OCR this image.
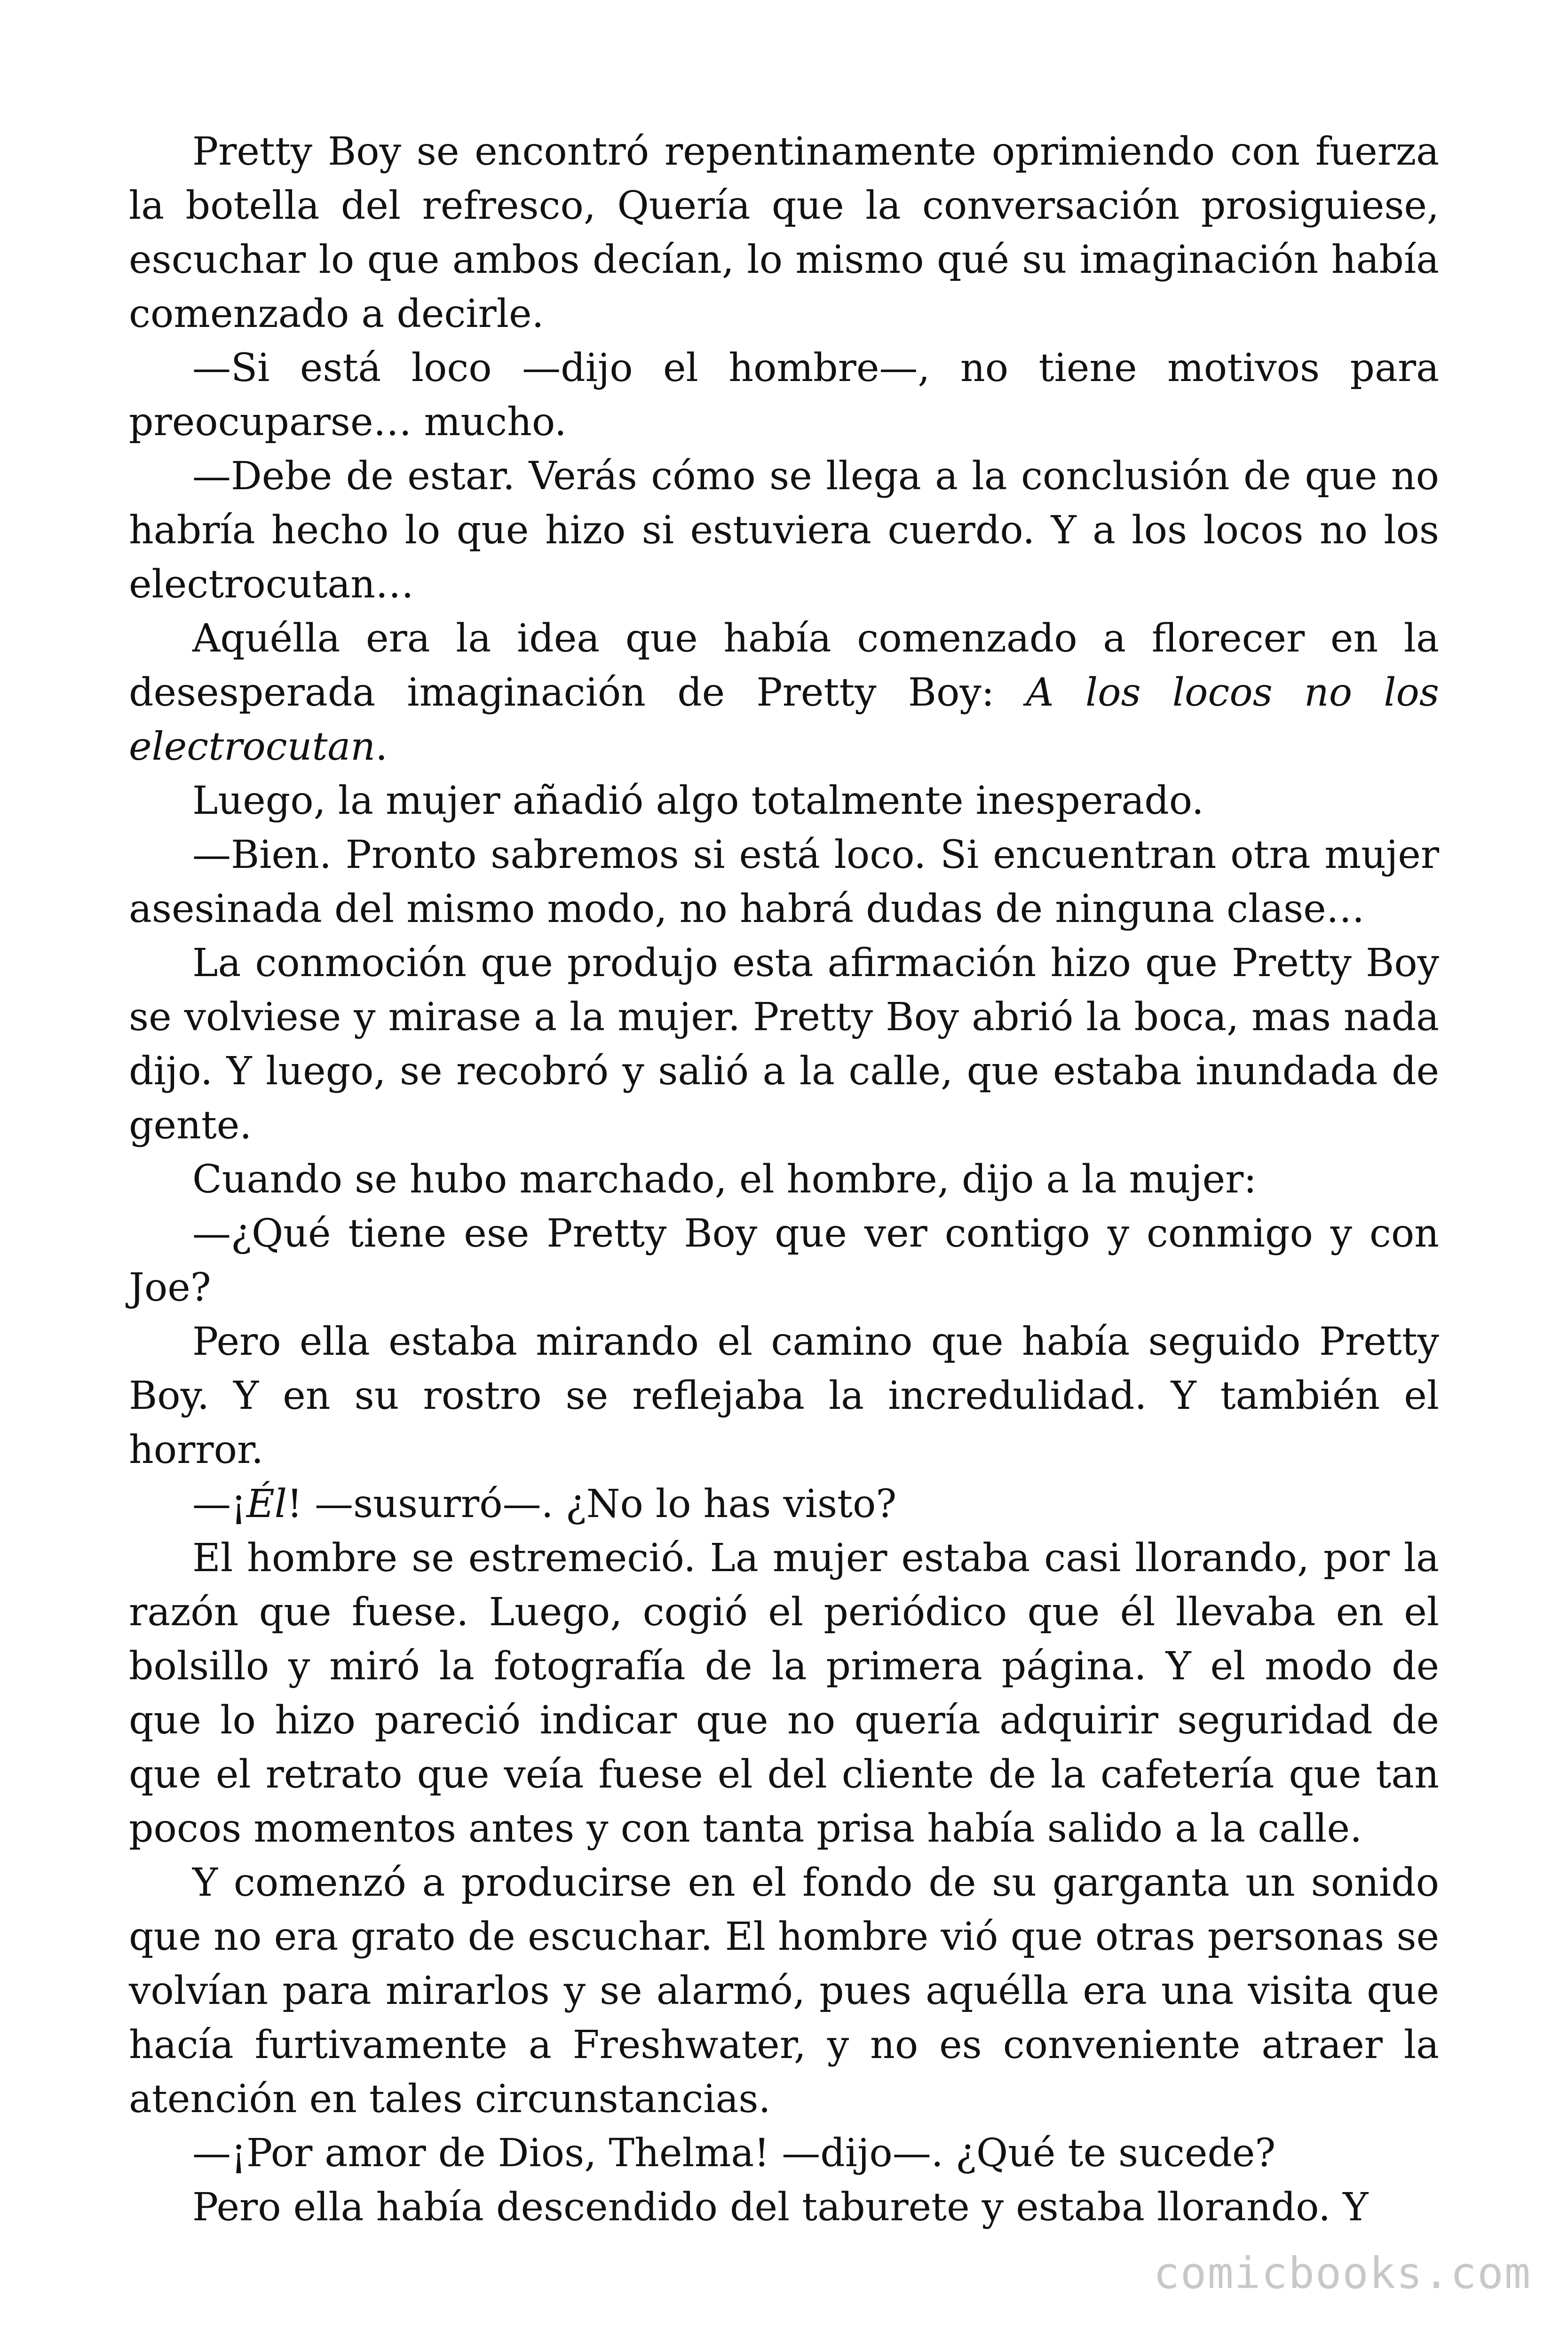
Pretty Boy se encontró repentinamente oprimiendo con fuerza la botella del refresco, Quería que la conversación prosiguiese, escuchar lo que ambos decían, lo mismo qué su imaginación había comenzado a decirle.

—Si está loco —dijo el hombre—, no tiene motivos para preocuparse… mucho.

—Debe de estar. Verás cómo se llega a la conclusión de que no habría hecho lo que hizo si estuviera cuerdo. Y a los locos no los electrocutan…

Aquélla era la idea que había comenzado a florecer en la desesperada imaginación de Pretty Boy: A los locos no los electrocutan.

Luego, la mujer añadió algo totalmente inesperado.

—Bien. Pronto sabremos si está loco. Si encuentran otra mujer asesinada del mismo modo, no habrá dudas de ninguna clase…

La conmoción que produjo esta afirmación hizo que Pretty Boy se volviese y mirase a la mujer. Pretty Boy abrió la boca, mas nada dijo. Y luego, se recobró y salió a la calle, que estaba inundada de gente.

Cuando se hubo marchado, el hombre, dijo a la mujer:

—¿Qué tiene ese Pretty Boy que ver contigo y conmigo y con Joe?

Pero ella estaba mirando el camino que había seguido Pretty Boy. Y en su rostro se reflejaba la incredulidad. Y también el horror.

—¡Él! —susurró—. ¿No lo has visto?

El hombre se estremeció. La mujer estaba casi llorando, por la razón que fuese. Luego, cogió el periódico que él llevaba en el bolsillo y miró la fotografía de la primera página. Y el modo de que lo hizo pareció indicar que no quería adquirir seguridad de que el retrato que veía fuese el del cliente de la cafetería que tan pocos momentos antes y con tanta prisa había salido a la calle.

Y comenzó a producirse en el fondo de su garganta un sonido que no era grato de escuchar. El hombre vió que otras personas se volvían para mirarlos y se alarmó, pues aquélla era una visita que hacía furtivamente a Freshwater, y no es conveniente atraer la atención en tales circunstancias.

—¡Por amor de Dios, Thelma! —dijo—. ¿Qué te sucede?

Pero ella había descendido del taburete y estaba llorando. Y

comicbooks.com
